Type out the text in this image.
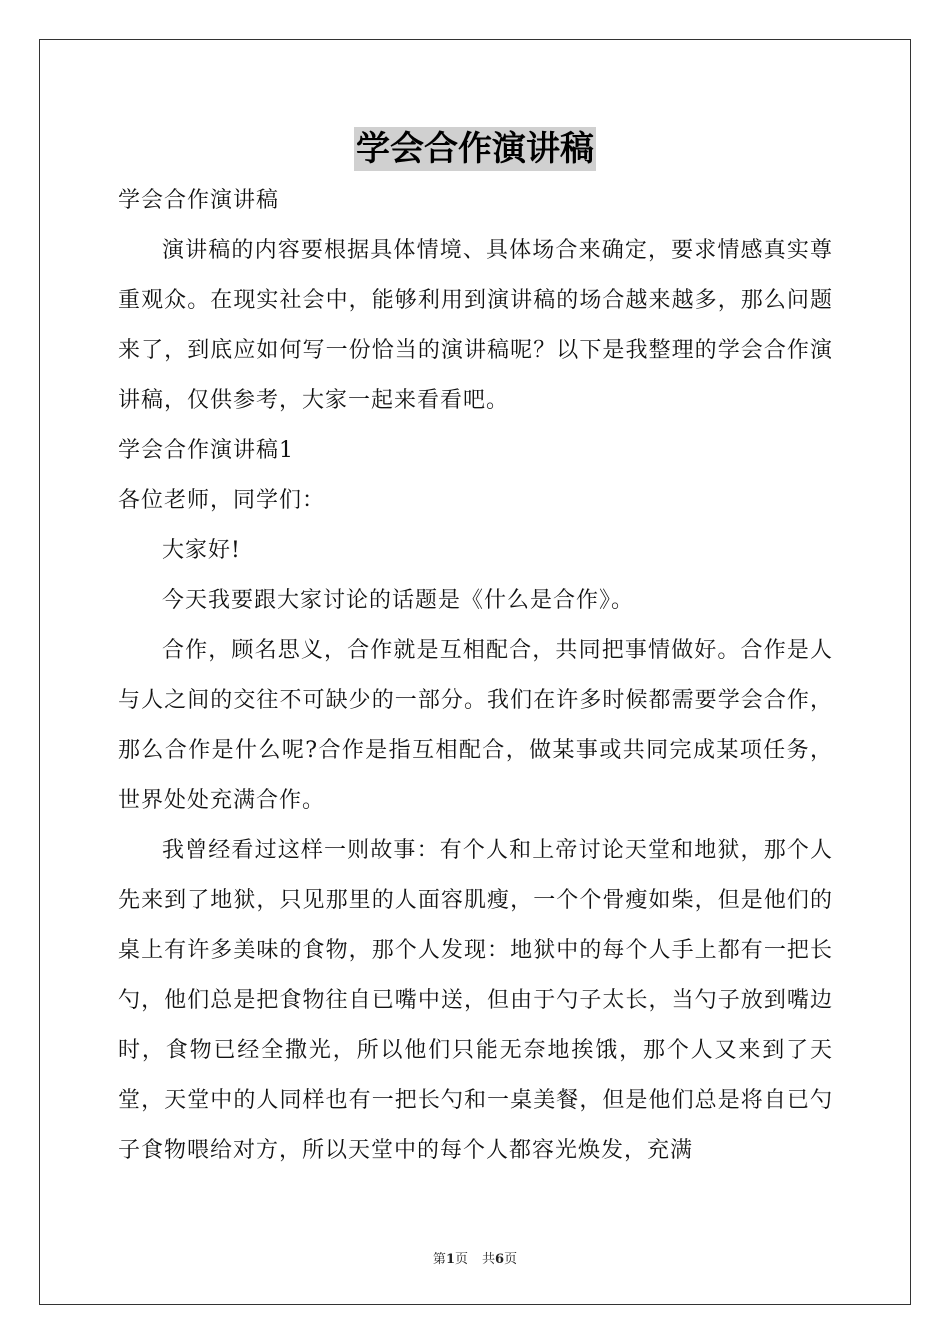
学会合作演讲稿

学会合作演讲稿

演讲稿的内容要根据具体情境、具体场合来确定，要求情感真实尊重观众。在现实社会中，能够利用到演讲稿的场合越来越多，那么问题来了，到底应如何写一份恰当的演讲稿呢？以下是我整理的学会合作演讲稿，仅供参考，大家一起来看看吧。

学会合作演讲稿1

各位老师，同学们：

大家好!

今天我要跟大家讨论的话题是《什么是合作》。

合作，顾名思义，合作就是互相配合，共同把事情做好。合作是人与人之间的交往不可缺少的一部分。我们在许多时候都需要学会合作，那么合作是什么呢?合作是指互相配合，做某事或共同完成某项任务，世界处处充满合作。

我曾经看过这样一则故事：有个人和上帝讨论天堂和地狱，那个人先来到了地狱，只见那里的人面容肌瘦，一个个骨瘦如柴，但是他们的桌上有许多美味的食物，那个人发现：地狱中的每个人手上都有一把长勺，他们总是把食物往自已嘴中送，但由于勺子太长，当勺子放到嘴边时，食物已经全撒光，所以他们只能无奈地挨饿，那个人又来到了天堂，天堂中的人同样也有一把长勺和一桌美餐，但是他们总是将自已勺子食物喂给对方，所以天堂中的每个人都容光焕发，充满

第1页 共6页
